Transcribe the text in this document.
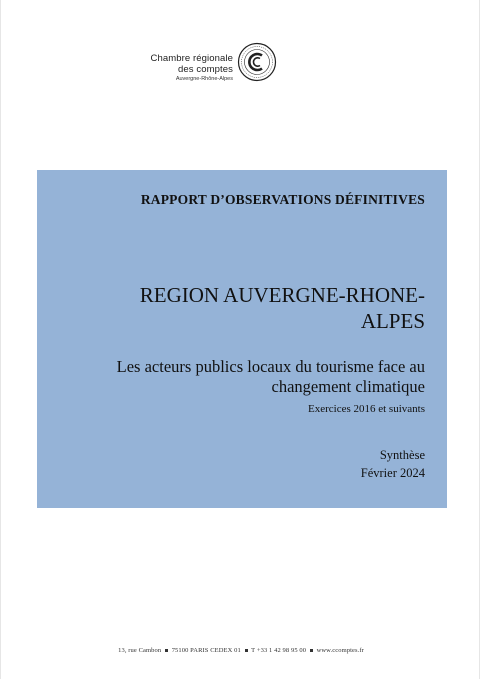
Chambre régionale
des comptes
Auvergne-Rhône-Alpes
RAPPORT D’OBSERVATIONS DÉFINITIVES
REGION AUVERGNE-RHONE-ALPES
Les acteurs publics locaux du tourisme face au changement climatique
Exercices 2016 et suivants
Synthèse
Février 2024
13, rue Cambon 75100 PARIS CEDEX 01 T +33 1 42 98 95 00 www.ccomptes.fr
